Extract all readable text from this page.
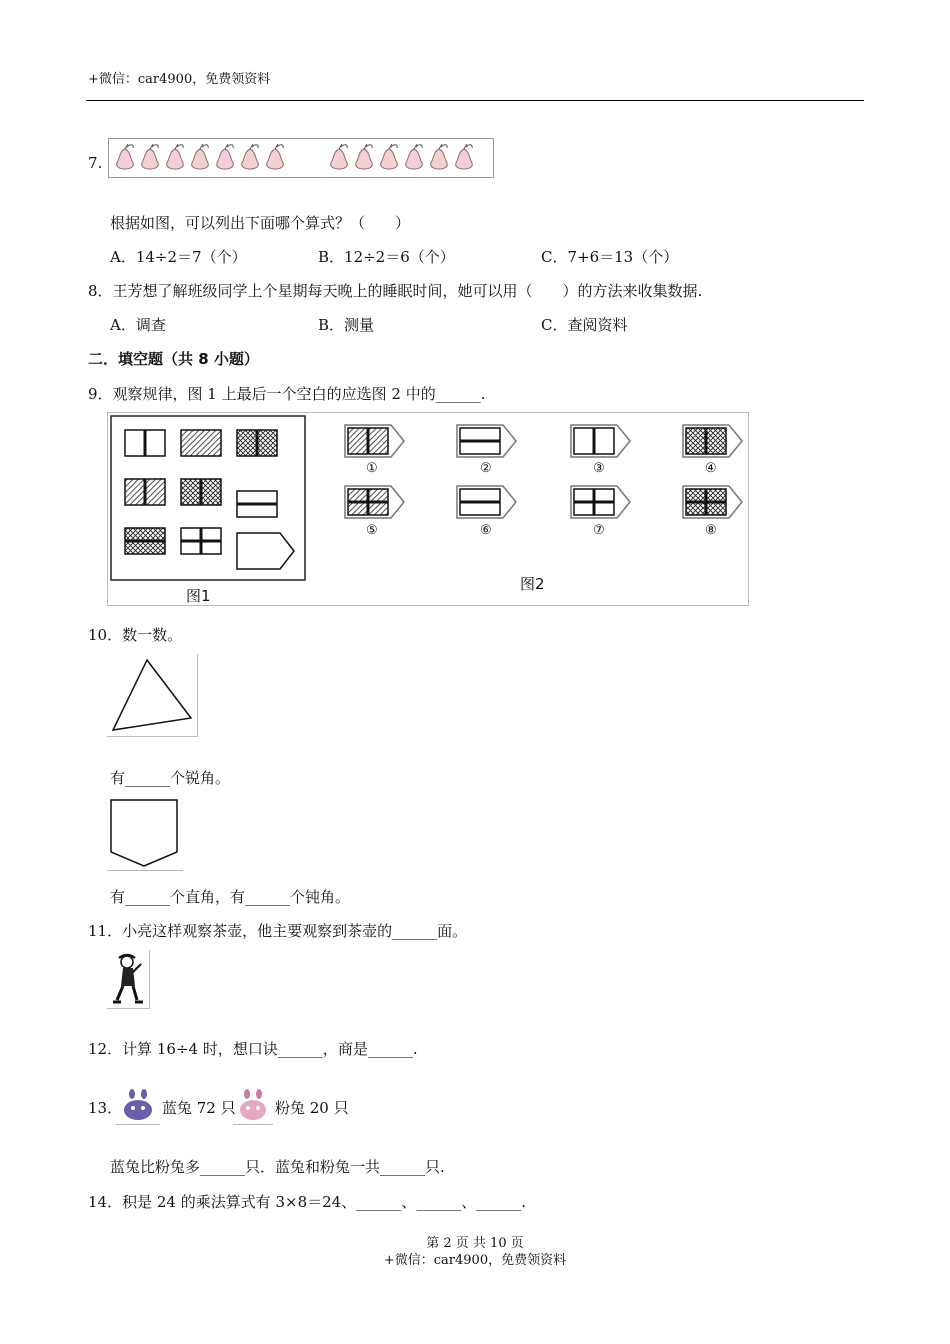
+微信：car4900，免费领资料
7.
根据如图，可以列出下面哪个算式？（　　）
A．14÷2＝7（个）	B．12÷2＝6（个）	C．7+6＝13（个）
8．王芳想了解班级同学上个星期每天晚上的睡眠时间，她可以用（　　）的方法来收集数据.
A．调查	B．测量	C．查阅资料
二．填空题（共 8 小题）
9．观察规律，图 1 上最后一个空白的应选图 2 中的______.
图1
图2
①	②	③	④
⑤	⑥	⑦	⑧
10．数一数。
有______个锐角。
有______个直角，有______个钝角。
11．小亮这样观察茶壶，他主要观察到茶壶的______面。
12．计算 16÷4 时，想口诀______，商是______.
13．	蓝兔 72 只	粉兔 20 只
蓝兔比粉兔多______只．蓝兔和粉兔一共______只.
14．积是 24 的乘法算式有 3×8＝24、______、______、______.
第 2 页 共 10 页
+微信：car4900，免费领资料
